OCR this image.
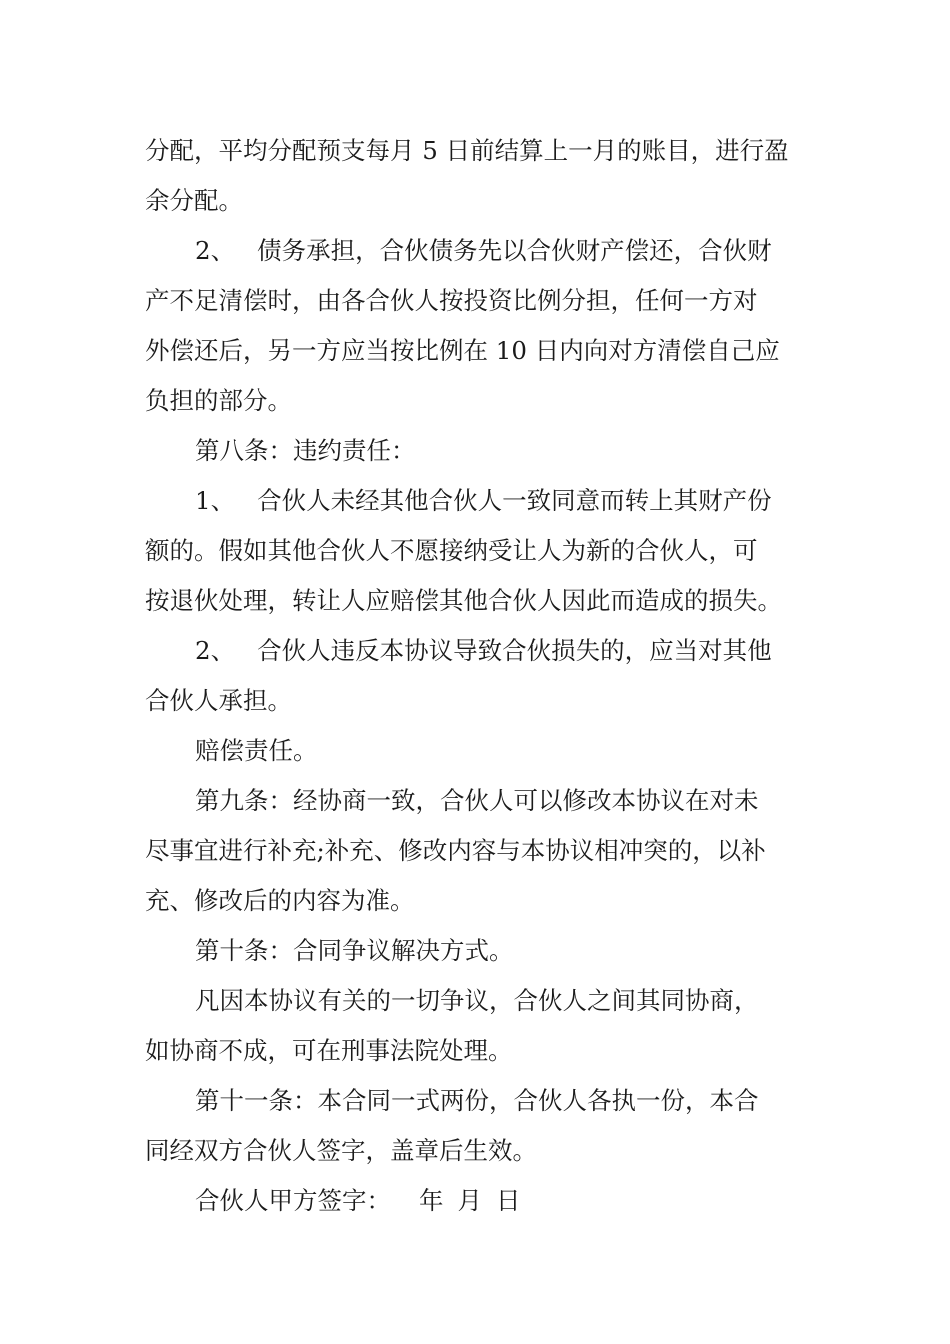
分配，平均分配预支每月 5 日前结算上一月的账目，进行盈
余分配。
2、 债务承担，合伙债务先以合伙财产偿还，合伙财
产不足清偿时，由各合伙人按投资比例分担，任何一方对
外偿还后，另一方应当按比例在 10 日内向对方清偿自己应
负担的部分。
第八条：违约责任：
1、 合伙人未经其他合伙人一致同意而转上其财产份
额的。假如其他合伙人不愿接纳受让人为新的合伙人，可
按退伙处理，转让人应赔偿其他合伙人因此而造成的损失。
2、 合伙人违反本协议导致合伙损失的，应当对其他
合伙人承担。
赔偿责任。
第九条：经协商一致，合伙人可以修改本协议在对未
尽事宜进行补充;补充、修改内容与本协议相冲突的，以补
充、修改后的内容为准。
第十条：合同争议解决方式。
凡因本协议有关的一切争议，合伙人之间其同协商，
如协商不成，可在刑事法院处理。
第十一条：本合同一式两份，合伙人各执一份，本合
同经双方合伙人签字，盖章后生效。
合伙人甲方签字： 年 月 日
